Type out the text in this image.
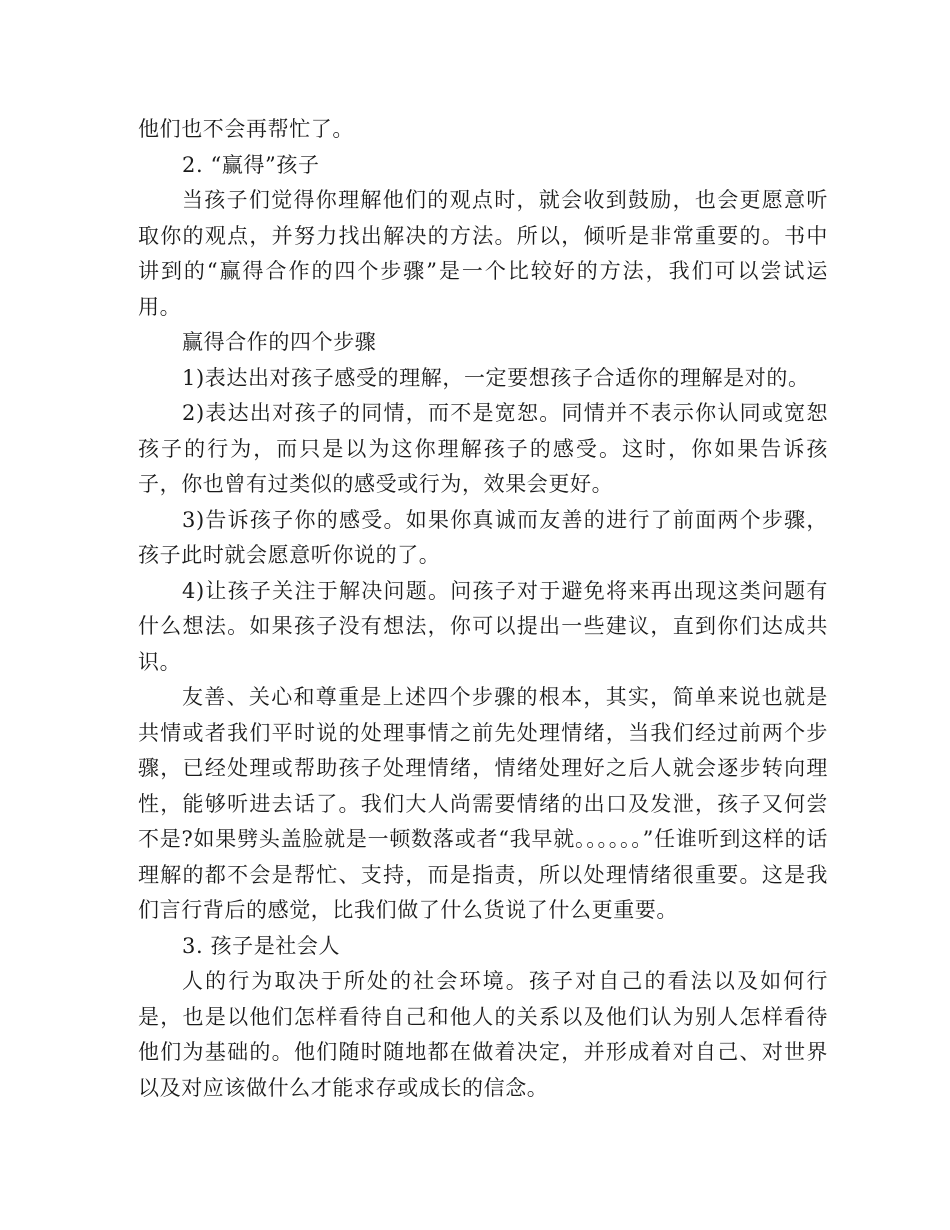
他们也不会再帮忙了。

2. “赢得”孩子

当孩子们觉得你理解他们的观点时，就会收到鼓励，也会更愿意听取你的观点，并努力找出解决的方法。所以，倾听是非常重要的。书中讲到的“赢得合作的四个步骤”是一个比较好的方法，我们可以尝试运用。

赢得合作的四个步骤

1)表达出对孩子感受的理解，一定要想孩子合适你的理解是对的。

2)表达出对孩子的同情，而不是宽恕。同情并不表示你认同或宽恕孩子的行为，而只是以为这你理解孩子的感受。这时，你如果告诉孩子，你也曾有过类似的感受或行为，效果会更好。

3)告诉孩子你的感受。如果你真诚而友善的进行了前面两个步骤，孩子此时就会愿意听你说的了。

4)让孩子关注于解决问题。问孩子对于避免将来再出现这类问题有什么想法。如果孩子没有想法，你可以提出一些建议，直到你们达成共识。

友善、关心和尊重是上述四个步骤的根本，其实，简单来说也就是共情或者我们平时说的处理事情之前先处理情绪，当我们经过前两个步骤，已经处理或帮助孩子处理情绪，情绪处理好之后人就会逐步转向理性，能够听进去话了。我们大人尚需要情绪的出口及发泄，孩子又何尝不是?如果劈头盖脸就是一顿数落或者“我早就。。。。。。”任谁听到这样的话理解的都不会是帮忙、支持，而是指责，所以处理情绪很重要。这是我们言行背后的感觉，比我们做了什么货说了什么更重要。

3. 孩子是社会人

人的行为取决于所处的社会环境。孩子对自己的看法以及如何行是，也是以他们怎样看待自己和他人的关系以及他们认为别人怎样看待他们为基础的。他们随时随地都在做着决定，并形成着对自己、对世界以及对应该做什么才能求存或成长的信念。
